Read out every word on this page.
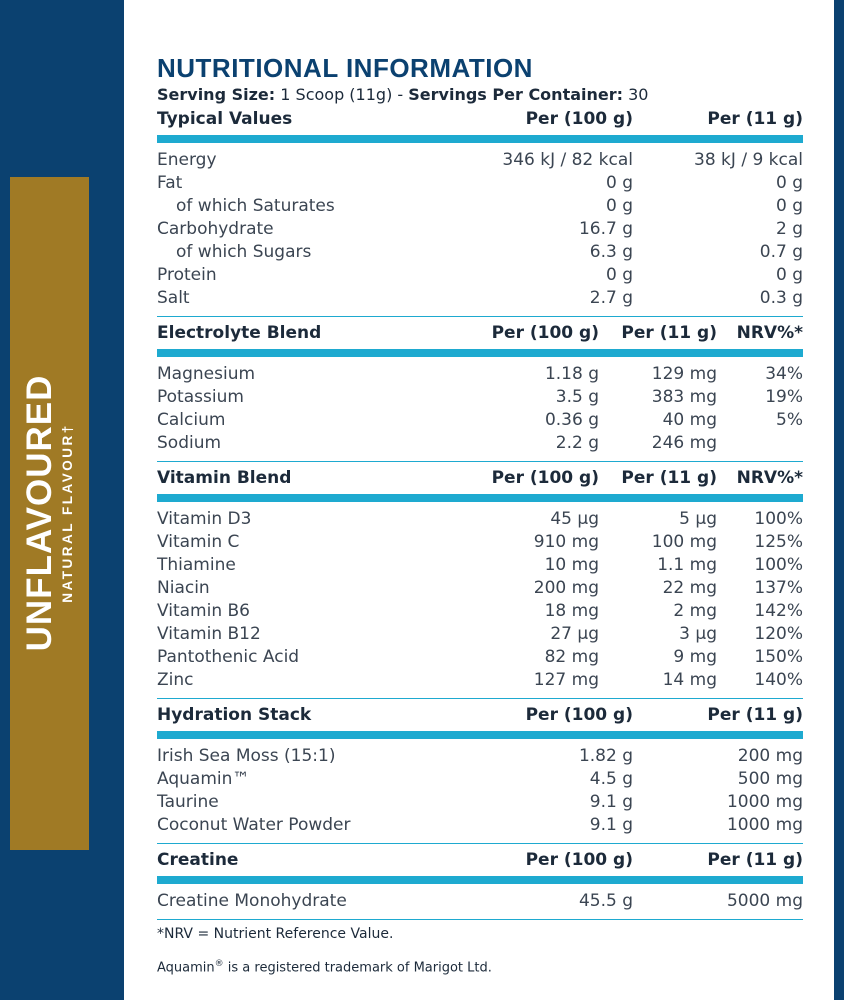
UNFLAVOURED NATURAL FLAVOUR†
NUTRITIONAL INFORMATION
Serving Size: 1 Scoop (11g) - Servings Per Container: 30
Typical Values	Per (100 g)	Per (11 g)
Energy	346 kJ / 82 kcal	38 kJ / 9 kcal
Fat	0 g	0 g
of which Saturates	0 g	0 g
Carbohydrate	16.7 g	2 g
of which Sugars	6.3 g	0.7 g
Protein	0 g	0 g
Salt	2.7 g	0.3 g
Electrolyte Blend	Per (100 g)	Per (11 g)	NRV%*
Magnesium	1.18 g	129 mg	34%
Potassium	3.5 g	383 mg	19%
Calcium	0.36 g	40 mg	5%
Sodium	2.2 g	246 mg
Vitamin Blend	Per (100 g)	Per (11 g)	NRV%*
Vitamin D3	45 µg	5 µg	100%
Vitamin C	910 mg	100 mg	125%
Thiamine	10 mg	1.1 mg	100%
Niacin	200 mg	22 mg	137%
Vitamin B6	18 mg	2 mg	142%
Vitamin B12	27 µg	3 µg	120%
Pantothenic Acid	82 mg	9 mg	150%
Zinc	127 mg	14 mg	140%
Hydration Stack	Per (100 g)	Per (11 g)
Irish Sea Moss (15:1)	1.82 g	200 mg
Aquamin™	4.5 g	500 mg
Taurine	9.1 g	1000 mg
Coconut Water Powder	9.1 g	1000 mg
Creatine	Per (100 g)	Per (11 g)
Creatine Monohydrate	45.5 g	5000 mg
*NRV = Nutrient Reference Value.
Aquamin® is a registered trademark of Marigot Ltd.
